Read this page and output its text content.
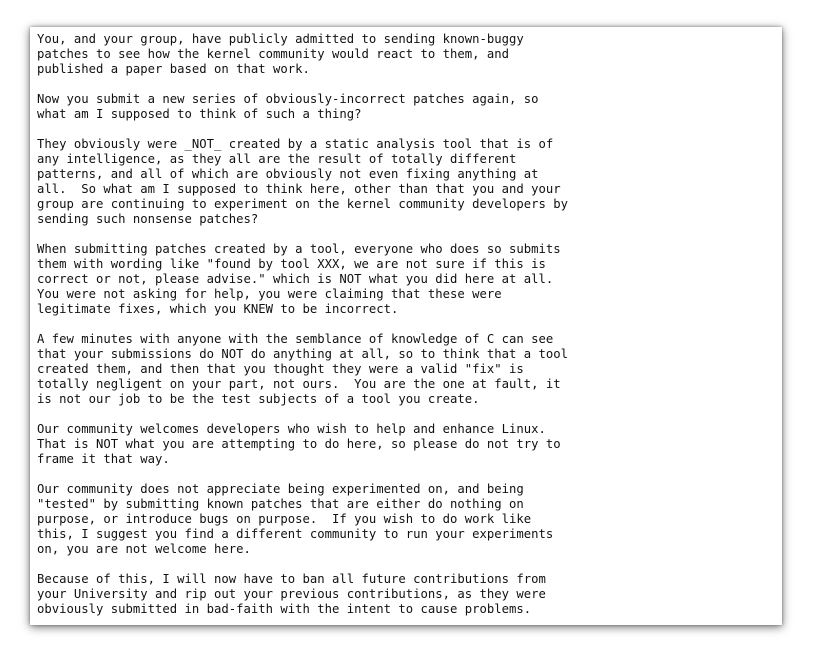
You, and your group, have publicly admitted to sending known-buggy
patches to see how the kernel community would react to them, and
published a paper based on that work.

Now you submit a new series of obviously-incorrect patches again, so
what am I supposed to think of such a thing?

They obviously were _NOT_ created by a static analysis tool that is of
any intelligence, as they all are the result of totally different
patterns, and all of which are obviously not even fixing anything at
all.  So what am I supposed to think here, other than that you and your
group are continuing to experiment on the kernel community developers by
sending such nonsense patches?

When submitting patches created by a tool, everyone who does so submits
them with wording like "found by tool XXX, we are not sure if this is
correct or not, please advise." which is NOT what you did here at all.
You were not asking for help, you were claiming that these were
legitimate fixes, which you KNEW to be incorrect.

A few minutes with anyone with the semblance of knowledge of C can see
that your submissions do NOT do anything at all, so to think that a tool
created them, and then that you thought they were a valid "fix" is
totally negligent on your part, not ours.  You are the one at fault, it
is not our job to be the test subjects of a tool you create.

Our community welcomes developers who wish to help and enhance Linux.
That is NOT what you are attempting to do here, so please do not try to
frame it that way.

Our community does not appreciate being experimented on, and being
"tested" by submitting known patches that are either do nothing on
purpose, or introduce bugs on purpose.  If you wish to do work like
this, I suggest you find a different community to run your experiments
on, you are not welcome here.

Because of this, I will now have to ban all future contributions from
your University and rip out your previous contributions, as they were
obviously submitted in bad-faith with the intent to cause problems.
